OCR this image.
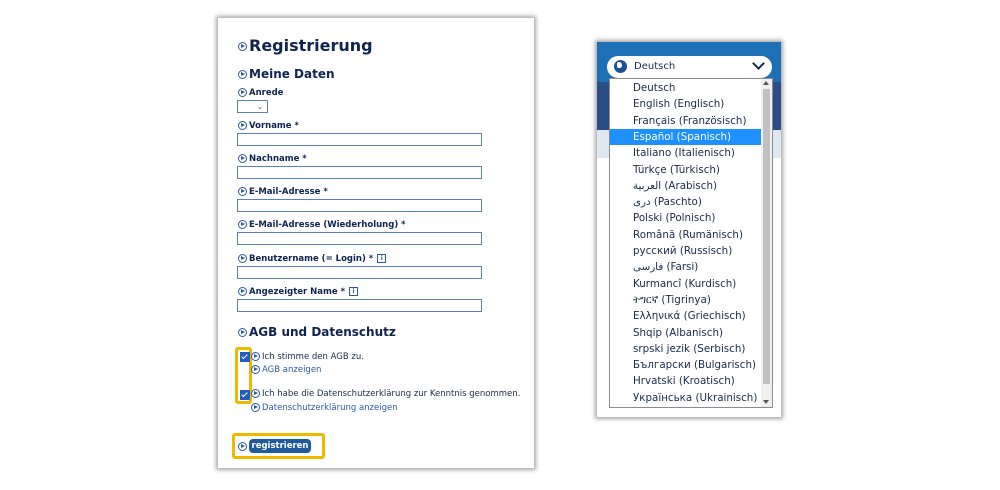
Registrierung
Meine Daten
Anrede
⌄
Vorname *
Nachname *
E-Mail-Adresse *
E-Mail-Adresse (Wiederholung) *
Benutzername (= Login) * i
Angezeigter Name * i
AGB und Datenschutz
Ich stimme den AGB zu.
AGB anzeigen
Ich habe die Datenschutzerklärung zur Kenntnis genommen.
Datenschutzerklärung anzeigen
registrieren
Deutsch
Deutsch
English (Englisch)
Français (Französisch)
Español (Spanisch)
Italiano (Italienisch)
Türkçe (Türkisch)
العربية (Arabisch)
دری (Paschto)
Polski (Polnisch)
Română (Rumänisch)
русский (Russisch)
فارسی (Farsi)
Kurmancî (Kurdisch)
ትግርኛ (Tigrinya)
Ελληνικά (Griechisch)
Shqip (Albanisch)
srpski jezik (Serbisch)
Български (Bulgarisch)
Hrvatski (Kroatisch)
Українська (Ukrainisch)
